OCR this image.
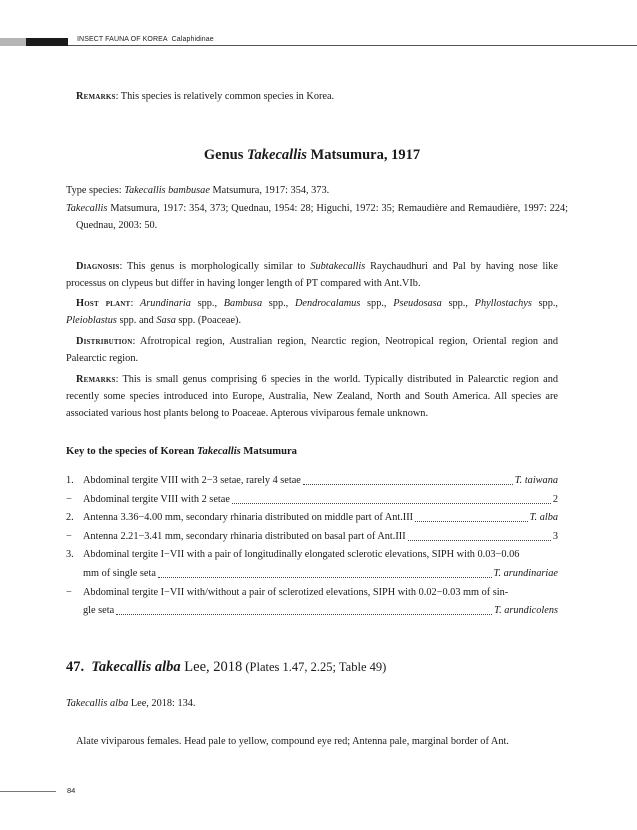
INSECT FAUNA OF KOREA Calaphidinae
Remarks: This species is relatively common species in Korea.
Genus Takecallis Matsumura, 1917
Type species: Takecallis bambusae Matsumura, 1917: 354, 373.
Takecallis Matsumura, 1917: 354, 373; Quednau, 1954: 28; Higuchi, 1972: 35; Remaudière and Remaudière, 1997: 224; Quednau, 2003: 50.
Diagnosis: This genus is morphologically similar to Subtakecallis Raychaudhuri and Pal by having nose like processus on clypeus but differ in having longer length of PT compared with Ant.VIb.
Host plant: Arundinaria spp., Bambusa spp., Dendrocalamus spp., Pseudosasa spp., Phyllostachys spp., Pleioblastus spp. and Sasa spp. (Poaceae).
Distribution: Afrotropical region, Australian region, Nearctic region, Neotropical region, Oriental region and Palearctic region.
Remarks: This is small genus comprising 6 species in the world. Typically distributed in Palearctic region and recently some species introduced into Europe, Australia, New Zealand, North and South America. All species are associated various host plants belong to Poaceae. Apterous viviparous female unknown.
Key to the species of Korean Takecallis Matsumura
1. Abdominal tergite VIII with 2−3 setae, rarely 4 setae	T. taiwana
−	Abdominal tergite VIII with 2 setae	2
2. Antenna 3.36−4.00 mm, secondary rhinaria distributed on middle part of Ant.III	T. alba
−	Antenna 2.21−3.41 mm, secondary rhinaria distributed on basal part of Ant.III	3
3. Abdominal tergite I−VII with a pair of longitudinally elongated sclerotic elevations, SIPH with 0.03−0.06
mm of single seta	T. arundinariae
−	Abdominal tergite I−VII with/without a pair of sclerotized elevations, SIPH with 0.02−0.03 mm of sin-
gle seta	T. arundicolens
47. Takecallis alba Lee, 2018 (Plates 1.47, 2.25; Table 49)
Takecallis alba Lee, 2018: 134.
Alate viviparous females. Head pale to yellow, compound eye red; Antenna pale, marginal border of Ant.
84
